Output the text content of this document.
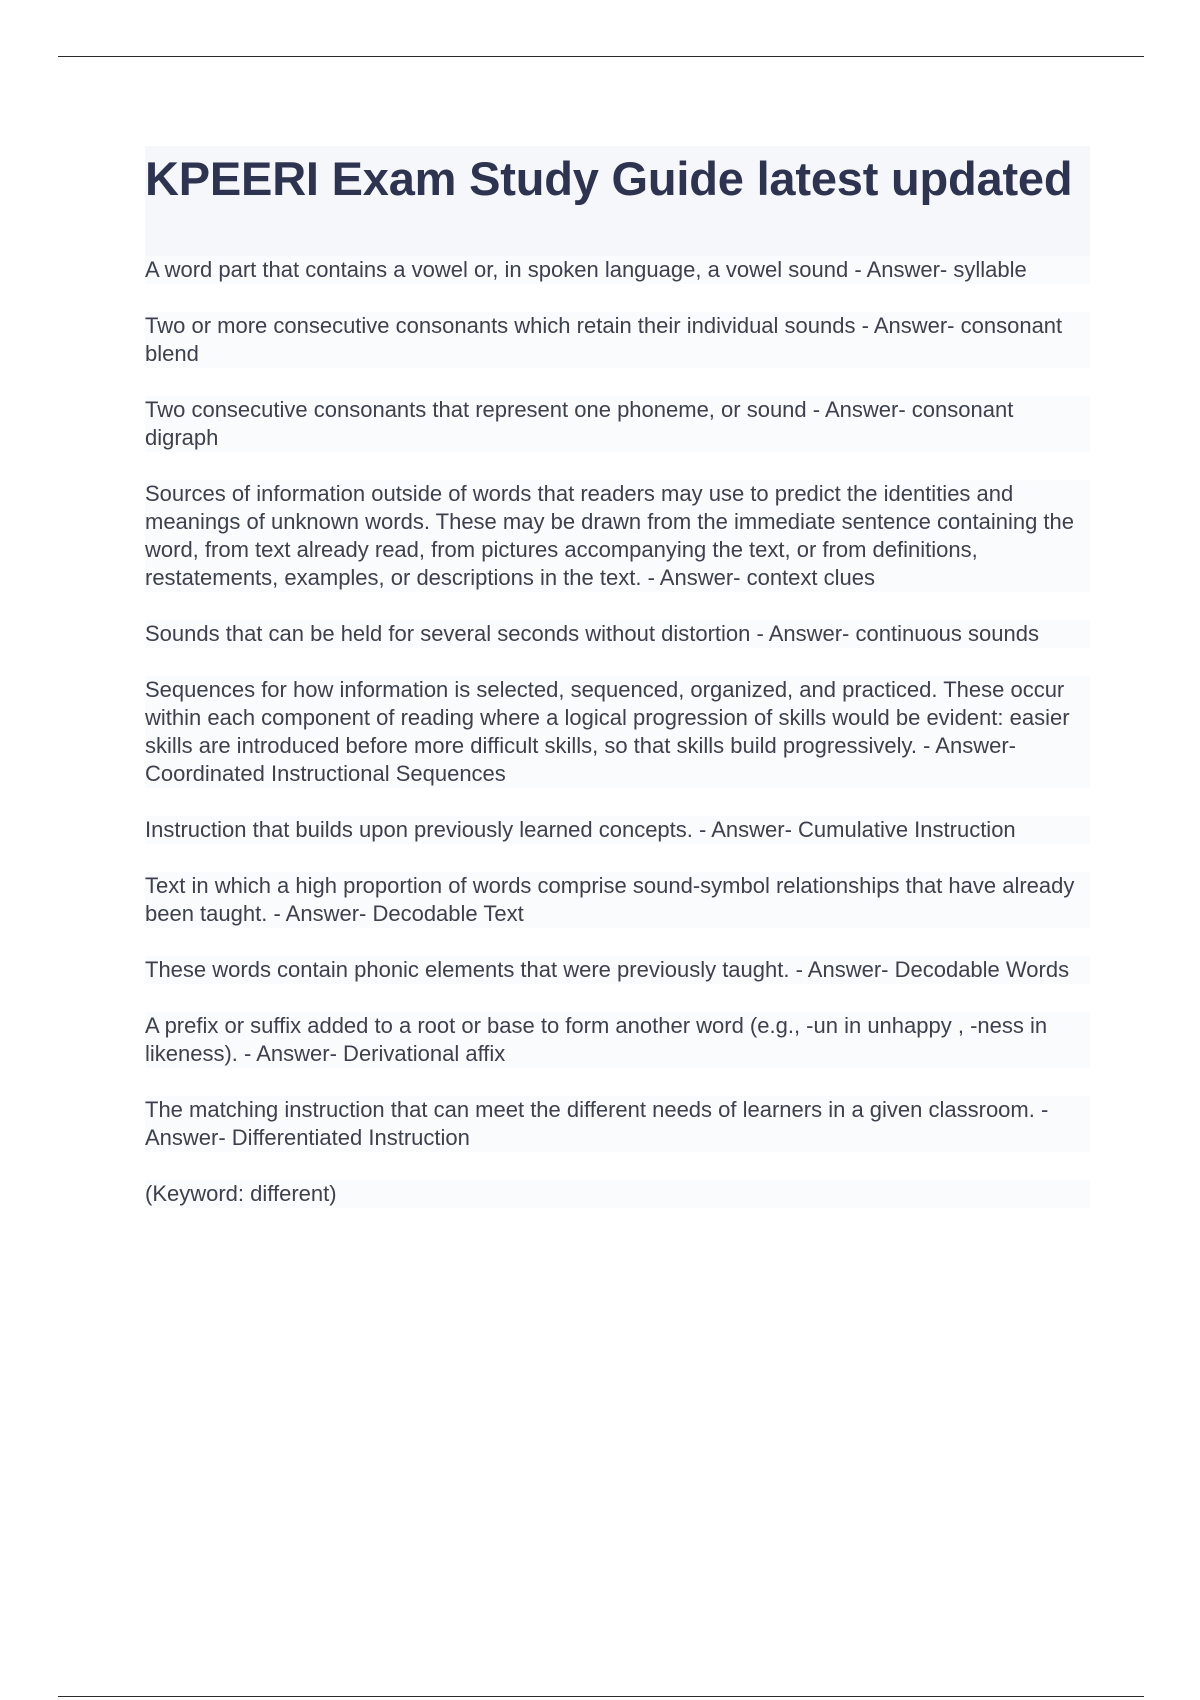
KPEERI Exam Study Guide latest updated

A word part that contains a vowel or, in spoken language, a vowel sound - Answer- syllable

Two or more consecutive consonants which retain their individual sounds - Answer- consonant blend

Two consecutive consonants that represent one phoneme, or sound - Answer- consonant digraph

Sources of information outside of words that readers may use to predict the identities and meanings of unknown words. These may be drawn from the immediate sentence containing the word, from text already read, from pictures accompanying the text, or from definitions, restatements, examples, or descriptions in the text. - Answer- context clues

Sounds that can be held for several seconds without distortion - Answer- continuous sounds

Sequences for how information is selected, sequenced, organized, and practiced. These occur within each component of reading where a logical progression of skills would be evident: easier skills are introduced before more difficult skills, so that skills build progressively. - Answer- Coordinated Instructional Sequences

Instruction that builds upon previously learned concepts. - Answer- Cumulative Instruction

Text in which a high proportion of words comprise sound-symbol relationships that have already been taught. - Answer- Decodable Text

These words contain phonic elements that were previously taught. - Answer- Decodable Words

A prefix or suffix added to a root or base to form another word (e.g., -un in unhappy , -ness in likeness). - Answer- Derivational affix

The matching instruction that can meet the different needs of learners in a given classroom. - Answer- Differentiated Instruction

(Keyword: different)
